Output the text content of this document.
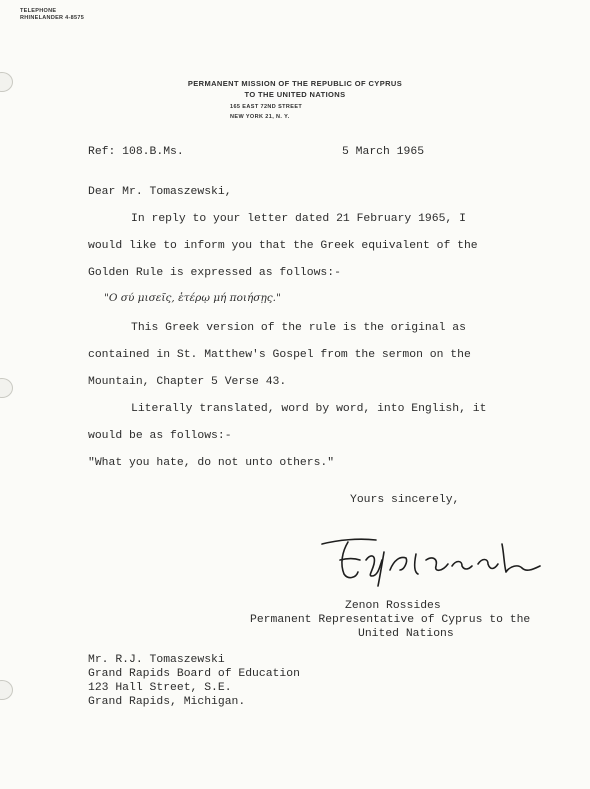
TELEPHONE
RHINELANDER 4-8575
PERMANENT MISSION OF THE REPUBLIC OF CYPRUS
TO THE UNITED NATIONS
165 EAST 72ND STREET
NEW YORK 21, N. Y.
Ref: 108.B.Ms.	5 March 1965
Dear Mr. Tomaszewski,
In reply to your letter dated 21 February 1965, I
would like to inform you that the Greek equivalent of the
Golden Rule is expressed as follows:-
"Ο σύ μισεῖς, ἑτέρῳ μή ποιήσῃς."
This Greek version of the rule is the original as
contained in St. Matthew's Gospel from the sermon on the
Mountain, Chapter 5 Verse 43.
Literally translated, word by word, into English, it
would be as follows:-
"What you hate, do not unto others."
Yours sincerely,
Zenon Rossides
Permanent Representative of Cyprus to the
United Nations
Mr. R.J. Tomaszewski
Grand Rapids Board of Education
123 Hall Street, S.E.
Grand Rapids, Michigan.
